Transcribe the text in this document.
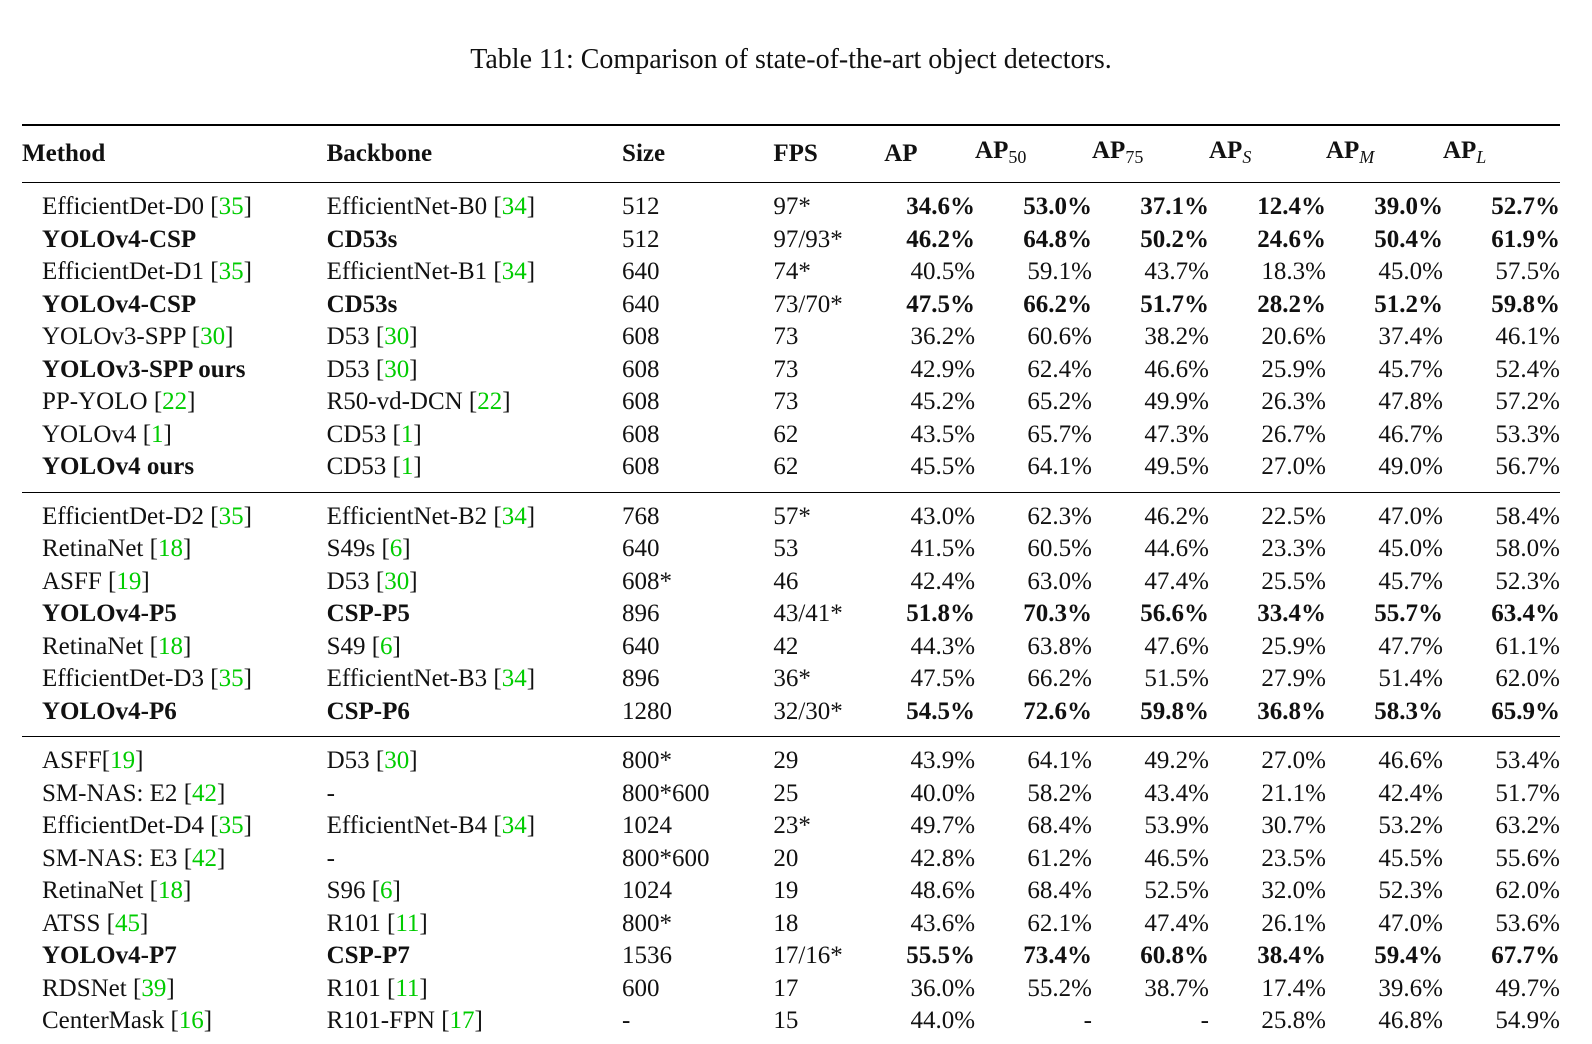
Table 11: Comparison of state-of-the-art object detectors.
Method	Backbone	Size	FPS	AP	$AP_{50}$	$AP_{75}$	$AP_S$	$AP_M$	$AP_L$
EfficientDet-D0 [35]	EfficientNet-B0 [34]	512	97*	34.6%	53.0%	37.1%	12.4%	39.0%	52.7%
YOLOv4-CSP	CD53s	512	97/93*	46.2%	64.8%	50.2%	24.6%	50.4%	61.9%
EfficientDet-D1 [35]	EfficientNet-B1 [34]	640	74*	40.5%	59.1%	43.7%	18.3%	45.0%	57.5%
YOLOv4-CSP	CD53s	640	73/70*	47.5%	66.2%	51.7%	28.2%	51.2%	59.8%
YOLOv3-SPP [30]	D53 [30]	608	73	36.2%	60.6%	38.2%	20.6%	37.4%	46.1%
YOLOv3-SPP ours	D53 [30]	608	73	42.9%	62.4%	46.6%	25.9%	45.7%	52.4%
PP-YOLO [22]	R50-vd-DCN [22]	608	73	45.2%	65.2%	49.9%	26.3%	47.8%	57.2%
YOLOv4 [1]	CD53 [1]	608	62	43.5%	65.7%	47.3%	26.7%	46.7%	53.3%
YOLOv4 ours	CD53 [1]	608	62	45.5%	64.1%	49.5%	27.0%	49.0%	56.7%
EfficientDet-D2 [35]	EfficientNet-B2 [34]	768	57*	43.0%	62.3%	46.2%	22.5%	47.0%	58.4%
RetinaNet [18]	S49s [6]	640	53	41.5%	60.5%	44.6%	23.3%	45.0%	58.0%
ASFF [19]	D53 [30]	608*	46	42.4%	63.0%	47.4%	25.5%	45.7%	52.3%
YOLOv4-P5	CSP-P5	896	43/41*	51.8%	70.3%	56.6%	33.4%	55.7%	63.4%
RetinaNet [18]	S49 [6]	640	42	44.3%	63.8%	47.6%	25.9%	47.7%	61.1%
EfficientDet-D3 [35]	EfficientNet-B3 [34]	896	36*	47.5%	66.2%	51.5%	27.9%	51.4%	62.0%
YOLOv4-P6	CSP-P6	1280	32/30*	54.5%	72.6%	59.8%	36.8%	58.3%	65.9%
ASFF[19]	D53 [30]	800*	29	43.9%	64.1%	49.2%	27.0%	46.6%	53.4%
SM-NAS: E2 [42]	-	800*600	25	40.0%	58.2%	43.4%	21.1%	42.4%	51.7%
EfficientDet-D4 [35]	EfficientNet-B4 [34]	1024	23*	49.7%	68.4%	53.9%	30.7%	53.2%	63.2%
SM-NAS: E3 [42]	-	800*600	20	42.8%	61.2%	46.5%	23.5%	45.5%	55.6%
RetinaNet [18]	S96 [6]	1024	19	48.6%	68.4%	52.5%	32.0%	52.3%	62.0%
ATSS [45]	R101 [11]	800*	18	43.6%	62.1%	47.4%	26.1%	47.0%	53.6%
YOLOv4-P7	CSP-P7	1536	17/16*	55.5%	73.4%	60.8%	38.4%	59.4%	67.7%
RDSNet [39]	R101 [11]	600	17	36.0%	55.2%	38.7%	17.4%	39.6%	49.7%
CenterMask [16]	R101-FPN [17]	-	15	44.0%	-	-	25.8%	46.8%	54.9%
